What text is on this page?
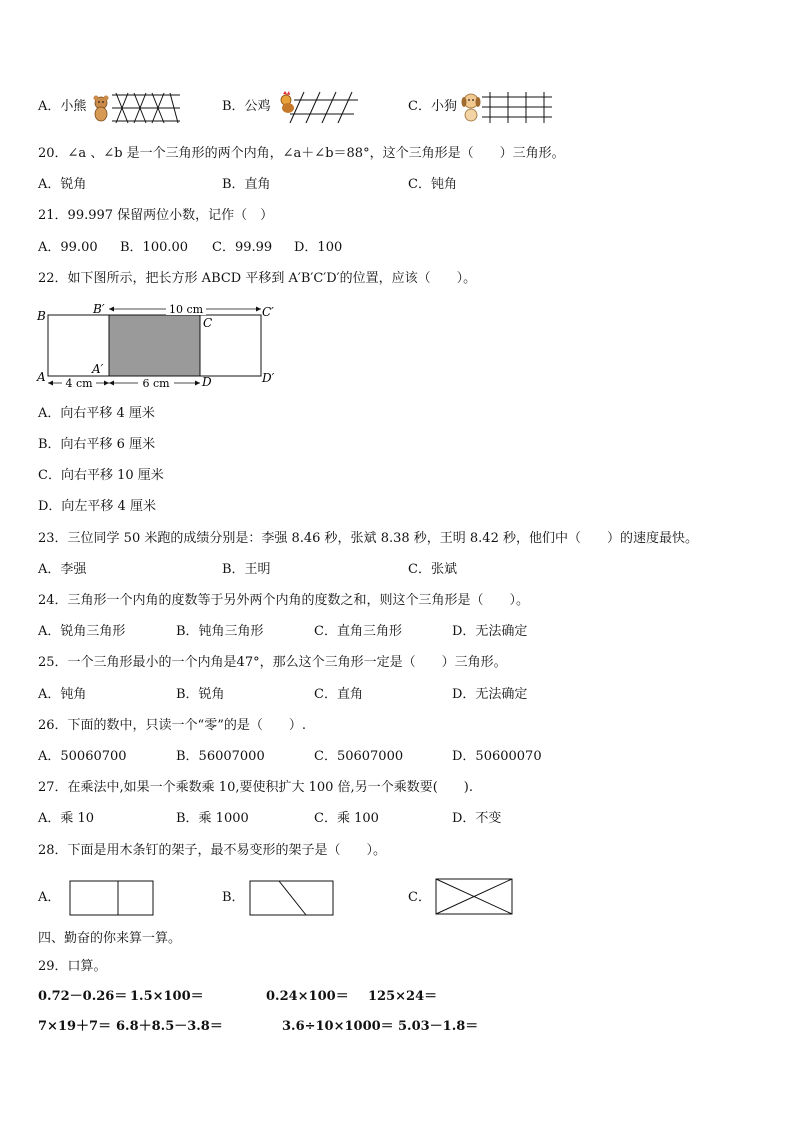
A．小熊	B．公鸡	C．小狗
20．∠a 、∠b 是一个三角形的两个内角，∠a＋∠b＝88°，这个三角形是（　　）三角形。
A．锐角	B．直角	C．钝角
21．99.997 保留两位小数，记作（　）
A．99.00 B．100.00 C．99.99 D．100
22．如下图所示，把长方形 ABCD 平移到 A′B′C′D′的位置，应该（　　）。
10 cm
4 cm	6 cm
B	B′
C
C′
A
A′
D	D′
A．向右平移 4 厘米
B．向右平移 6 厘米
C．向右平移 10 厘米
D．向左平移 4 厘米
23．三位同学 50 米跑的成绩分别是：李强 8.46 秒，张斌 8.38 秒，王明 8.42 秒，他们中（　　）的速度最快。
A．李强	B．王明	C．张斌
24．三角形一个内角的度数等于另外两个内角的度数之和，则这个三角形是（　　）。
A．锐角三角形	B．钝角三角形	C．直角三角形	D．无法确定
25．一个三角形最小的一个内角是47°，那么这个三角形一定是（　　）三角形。
A．钝角	B．锐角	C．直角	D．无法确定
26．下面的数中，只读一个“零”的是（　　）.
A．50060700	B．56007000	C．50607000	D．50600070
27．在乘法中,如果一个乘数乘 10,要使积扩大 100 倍,另一个乘数要(　　).
A．乘 10	B．乘 1000	C．乘 100	D．不变
28．下面是用木条钉的架子，最不易变形的架子是（　　）。
A．	B．	C．
四、勤奋的你来算一算。
29．口算。
0.72－0.26＝ 1.5×100＝	0.24×100＝ 125×24＝
7×19＋7＝ 6.8＋8.5－3.8＝	3.6÷10×1000＝ 5.03－1.8＝
